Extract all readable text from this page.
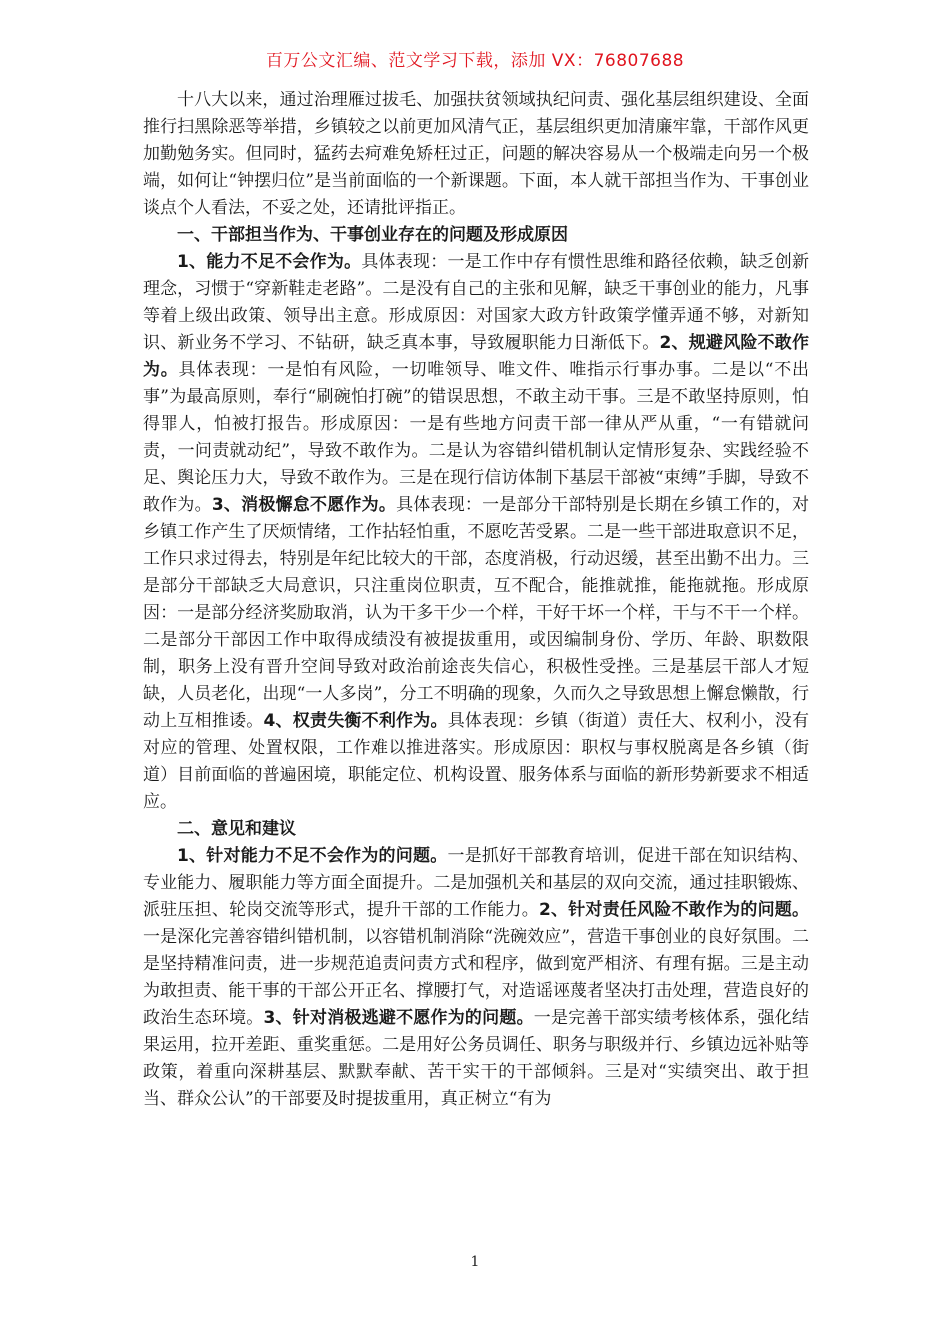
百万公文汇编、范文学习下载，添加 VX：76807688

十八大以来，通过治理雁过拔毛、加强扶贫领域执纪问责、强化基层组织建设、全面推行扫黑除恶等举措，乡镇较之以前更加风清气正，基层组织更加清廉牢靠，干部作风更加勤勉务实。但同时，猛药去疴难免矫枉过正，问题的解决容易从一个极端走向另一个极端，如何让“钟摆归位”是当前面临的一个新课题。下面，本人就干部担当作为、干事创业谈点个人看法，不妥之处，还请批评指正。

一、干部担当作为、干事创业存在的问题及形成原因

1、能力不足不会作为。具体表现：一是工作中存有惯性思维和路径依赖，缺乏创新理念，习惯于“穿新鞋走老路”。二是没有自己的主张和见解，缺乏干事创业的能力，凡事等着上级出政策、领导出主意。形成原因：对国家大政方针政策学懂弄通不够，对新知识、新业务不学习、不钻研，缺乏真本事，导致履职能力日渐低下。2、规避风险不敢作为。具体表现：一是怕有风险，一切唯领导、唯文件、唯指示行事办事。二是以“不出事”为最高原则，奉行“刷碗怕打碗”的错误思想，不敢主动干事。三是不敢坚持原则，怕得罪人，怕被打报告。形成原因：一是有些地方问责干部一律从严从重，“一有错就问责，一问责就动纪”，导致不敢作为。二是认为容错纠错机制认定情形复杂、实践经验不足、舆论压力大，导致不敢作为。三是在现行信访体制下基层干部被“束缚”手脚，导致不敢作为。3、消极懈怠不愿作为。具体表现：一是部分干部特别是长期在乡镇工作的，对乡镇工作产生了厌烦情绪，工作拈轻怕重，不愿吃苦受累。二是一些干部进取意识不足，工作只求过得去，特别是年纪比较大的干部，态度消极，行动迟缓，甚至出勤不出力。三是部分干部缺乏大局意识，只注重岗位职责，互不配合，能推就推，能拖就拖。形成原因：一是部分经济奖励取消，认为干多干少一个样，干好干坏一个样，干与不干一个样。二是部分干部因工作中取得成绩没有被提拔重用，或因编制身份、学历、年龄、职数限制，职务上没有晋升空间导致对政治前途丧失信心，积极性受挫。三是基层干部人才短缺，人员老化，出现“一人多岗”，分工不明确的现象，久而久之导致思想上懈怠懒散，行动上互相推诿。4、权责失衡不利作为。具体表现：乡镇（街道）责任大、权利小，没有对应的管理、处置权限，工作难以推进落实。形成原因：职权与事权脱离是各乡镇（街道）目前面临的普遍困境，职能定位、机构设置、服务体系与面临的新形势新要求不相适应。

二、意见和建议

1、针对能力不足不会作为的问题。一是抓好干部教育培训，促进干部在知识结构、专业能力、履职能力等方面全面提升。二是加强机关和基层的双向交流，通过挂职锻炼、派驻压担、轮岗交流等形式，提升干部的工作能力。2、针对责任风险不敢作为的问题。一是深化完善容错纠错机制，以容错机制消除“洗碗效应”，营造干事创业的良好氛围。二是坚持精准问责，进一步规范追责问责方式和程序，做到宽严相济、有理有据。三是主动为敢担责、能干事的干部公开正名、撑腰打气，对造谣诬蔑者坚决打击处理，营造良好的政治生态环境。3、针对消极逃避不愿作为的问题。一是完善干部实绩考核体系，强化结果运用，拉开差距、重奖重惩。二是用好公务员调任、职务与职级并行、乡镇边远补贴等政策，着重向深耕基层、默默奉献、苦干实干的干部倾斜。三是对“实绩突出、敢于担当、群众公认”的干部要及时提拔重用，真正树立“有为

1
